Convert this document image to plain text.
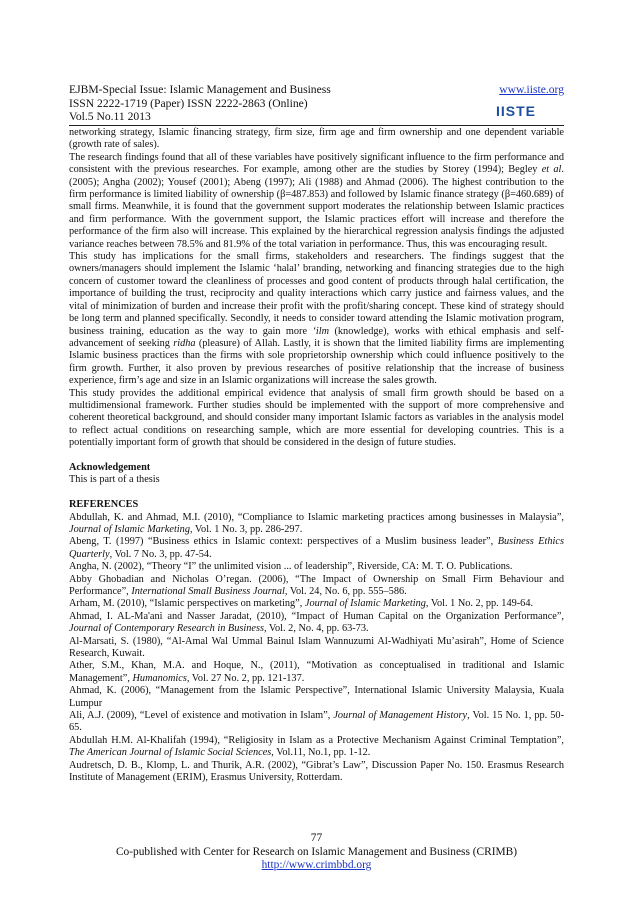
EJBM-Special Issue: Islamic Management and Business	www.iiste.org
ISSN 2222-1719 (Paper) ISSN 2222-2863 (Online)
Vol.5 No.11 2013	IISTE

networking strategy, Islamic financing strategy, firm size, firm age and firm ownership and one dependent variable (growth rate of sales).

The research findings found that all of these variables have positively significant influence to the firm performance and consistent with the previous researches. For example, among other are the studies by Storey (1994); Begley et al. (2005); Angha (2002); Yousef (2001); Abeng (1997); Ali (1988) and Ahmad (2006). The highest contribution to the firm performance is limited liability of ownership (β=487.853) and followed by Islamic finance strategy (β=460.689) of small firms. Meanwhile, it is found that the government support moderates the relationship between Islamic practices and firm performance. With the government support, the Islamic practices effort will increase and therefore the performance of the firm also will increase. This explained by the hierarchical regression analysis findings the adjusted variance reaches between 78.5% and 81.9% of the total variation in performance. Thus, this was encouraging result.

This study has implications for the small firms, stakeholders and researchers. The findings suggest that the owners/managers should implement the Islamic ‘halal’ branding, networking and financing strategies due to the high concern of customer toward the cleanliness of processes and good content of products through halal certification, the importance of building the trust, reciprocity and quality interactions which carry justice and fairness values, and the vital of minimization of burden and increase their profit with the profit/sharing concept. These kind of strategy should be long term and planned specifically. Secondly, it needs to consider toward attending the Islamic motivation program, business training, education as the way to gain more ‘ilm (knowledge), works with ethical emphasis and self-advancement of seeking ridha (pleasure) of Allah. Lastly, it is shown that the limited liability firms are implementing Islamic business practices than the firms with sole proprietorship ownership which could influence positively to the firm growth. Further, it also proven by previous researches of positive relationship that the increase of business experience, firm’s age and size in an Islamic organizations will increase the sales growth.

This study provides the additional empirical evidence that analysis of small firm growth should be based on a multidimensional framework. Further studies should be implemented with the support of more comprehensive and coherent theoretical background, and should consider many important Islamic factors as variables in the analysis model to reflect actual conditions on researching sample, which are more essential for developing countries. This is a potentially important form of growth that should be considered in the design of future studies.

Acknowledgement

This is part of a thesis

REFERENCES

Abdullah, K. and Ahmad, M.I. (2010), “Compliance to Islamic marketing practices among businesses in Malaysia”, Journal of Islamic Marketing, Vol. 1 No. 3, pp. 286-297.

Abeng, T. (1997) “Business ethics in Islamic context: perspectives of a Muslim business leader”, Business Ethics Quarterly, Vol. 7 No. 3, pp. 47-54.

Angha, N. (2002), “Theory “I” the unlimited vision ... of leadership”, Riverside, CA: M. T. O. Publications.

Abby Ghobadian and Nicholas O’regan. (2006), “The Impact of Ownership on Small Firm Behaviour and Performance”, International Small Business Journal, Vol. 24, No. 6, pp. 555–586.

Arham, M. (2010), “Islamic perspectives on marketing”, Journal of Islamic Marketing, Vol. 1 No. 2, pp. 149-64.

Ahmad, I. AL-Ma'ani and Nasser Jaradat, (2010), “Impact of Human Capital on the Organization Performance”, Journal of Contemporary Research in Business, Vol. 2, No. 4, pp. 63-73.

Al-Marsati, S. (1980), “Al-Amal Wal Ummal Bainul Islam Wannuzumi Al-Wadhiyati Mu’asirah”, Home of Science Research, Kuwait.

Ather, S.M., Khan, M.A. and Hoque, N., (2011), “Motivation as conceptualised in traditional and Islamic Management”, Humanomics, Vol. 27 No. 2, pp. 121-137.

Ahmad, K. (2006), “Management from the Islamic Perspective”, International Islamic University Malaysia, Kuala Lumpur

Ali, A.J. (2009), “Level of existence and motivation in Islam”, Journal of Management History, Vol. 15 No. 1, pp. 50-65.

Abdullah H.M. Al-Khalifah (1994), “Religiosity in Islam as a Protective Mechanism Against Criminal Temptation”, The American Journal of Islamic Social Sciences, Vol.11, No.1, pp. 1-12.

Audretsch, D. B., Klomp, L. and Thurik, A.R. (2002), “Gibrat’s Law”, Discussion Paper No. 150. Erasmus Research Institute of Management (ERIM), Erasmus University, Rotterdam.

77
Co-published with Center for Research on Islamic Management and Business (CRIMB)
http://www.crimbbd.org
